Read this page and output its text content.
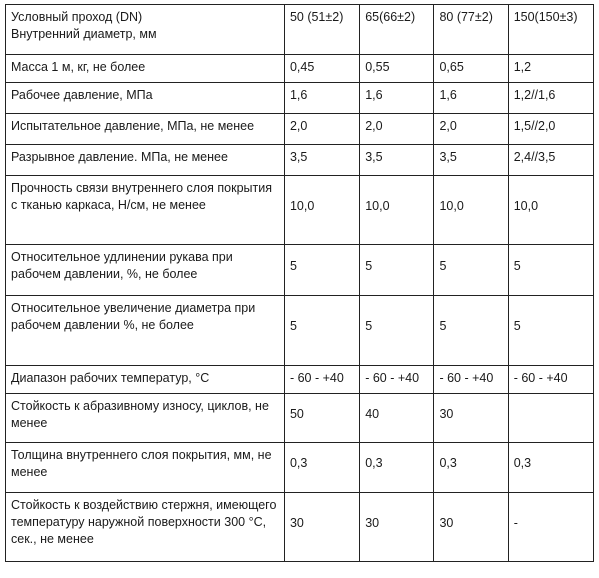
Условный проход (DN)
Внутренний диаметр, мм	50 (51±2)	65(66±2)	80 (77±2)	150(150±3)
Масса 1 м, кг, не более	0,45	0,55	0,65	1,2
Рабочее давление, МПа	1,6	1,6	1,6	1,2//1,6
Испытательное давление, МПа, не менее	2,0	2,0	2,0	1,5//2,0
Разрывное давление. МПа, не менее	3,5	3,5	3,5	2,4//3,5
Прочность связи внутреннего слоя покрытия с тканью каркаса, Н/см, не менее	10,0	10,0	10,0	10,0
Относительное удлинении рукава при рабочем давлении, %, не более	5	5	5	5
Относительное увеличение диаметра при рабочем давлении %, не более	5	5	5	5
Диапазон рабочих температур, °С	- 60 - +40	- 60 - +40	- 60 - +40	- 60 - +40
Стойкость к абразивному износу, циклов, не менее	50	40	30	
Толщина внутреннего слоя покрытия, мм, не менее	0,3	0,3	0,3	0,3
Стойкость к воздействию стержня, имеющего температуру наружной поверхности 300 °С, сек., не менее	30	30	30	-
